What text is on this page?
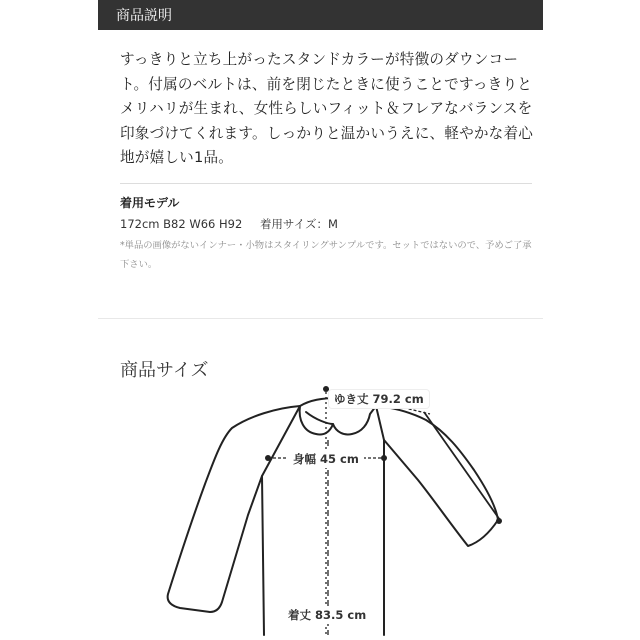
商品説明

すっきりと立ち上がったスタンドカラーが特徴のダウンコート。付属のベルトは、前を閉じたときに使うことですっきりとメリハリが生まれ、女性らしいフィット＆フレアなバランスを印象づけてくれます。しっかりと温かいうえに、軽やかな着心地が嬉しい1品。

着用モデル
172cm B82 W66 H92 着用サイズ：M

*単品の画像がないインナー・小物はスタイリングサンプルです。セットではないので、予めご了承下さい。

商品サイズ
ゆき丈 79.2 cm
身幅 45 cm
着丈 83.5 cm
